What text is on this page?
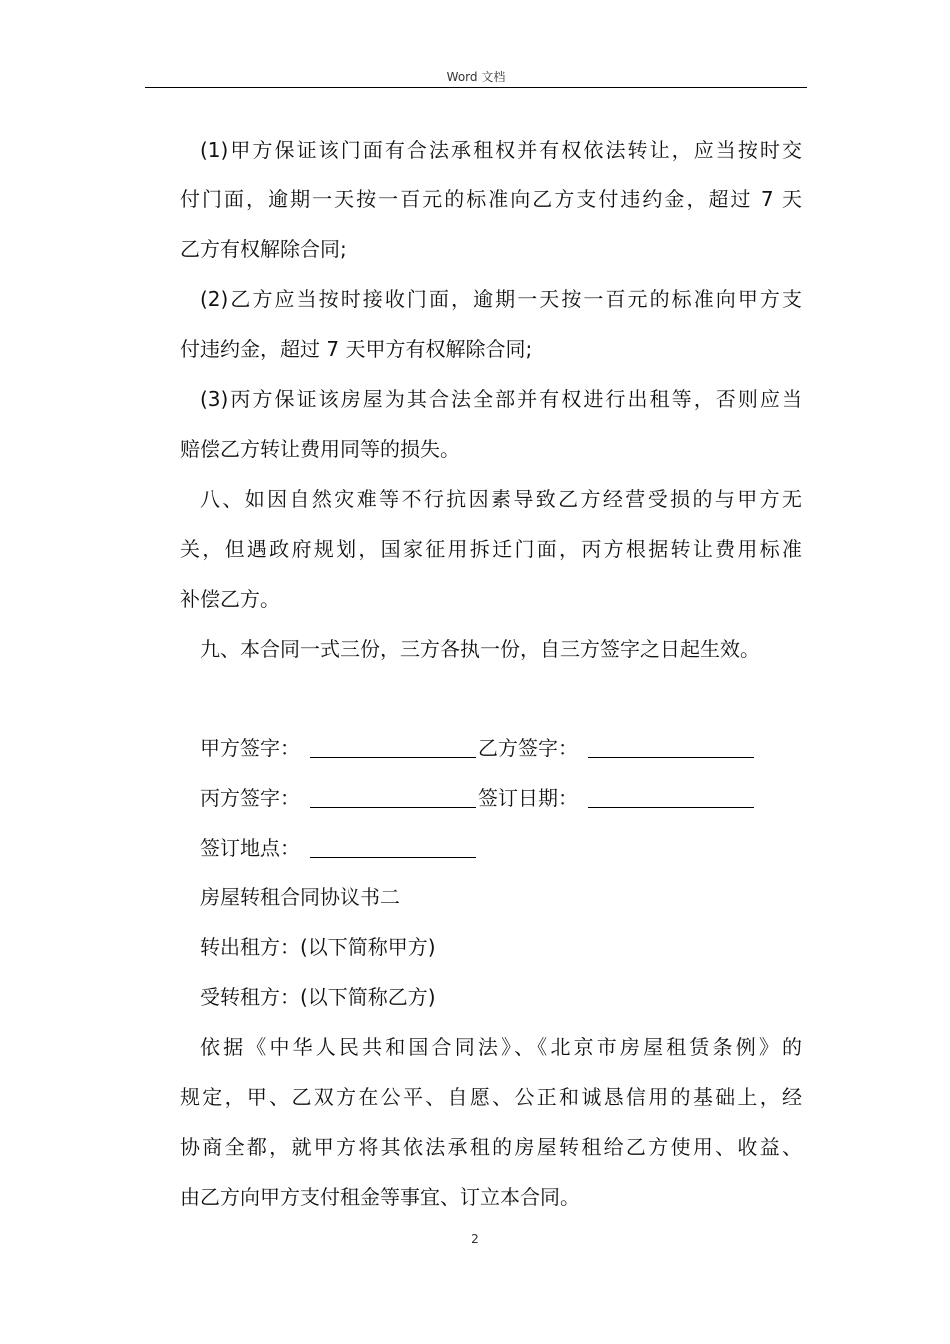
Word 文档
(1)甲方保证该门面有合法承租权并有权依法转让，应当按时交
付门面，逾期一天按一百元的标准向乙方支付违约金，超过 7 天
乙方有权解除合同;
(2)乙方应当按时接收门面，逾期一天按一百元的标准向甲方支
付违约金，超过 7 天甲方有权解除合同;
(3)丙方保证该房屋为其合法全部并有权进行出租等，否则应当
赔偿乙方转让费用同等的损失。
八、如因自然灾难等不行抗因素导致乙方经营受损的与甲方无
关，但遇政府规划，国家征用拆迁门面，丙方根据转让费用标准
补偿乙方。
九、本合同一式三份，三方各执一份，自三方签字之日起生效。
甲方签字：	乙方签字：
丙方签字：	签订日期：
签订地点：
房屋转租合同协议书二
转出租方：(以下简称甲方)
受转租方：(以下简称乙方)
依据《中华人民共和国合同法》、《北京市房屋租赁条例》的
规定，甲、乙双方在公平、自愿、公正和诚恳信用的基础上，经
协商全都，就甲方将其依法承租的房屋转租给乙方使用、收益、
由乙方向甲方支付租金等事宜、订立本合同。
2
